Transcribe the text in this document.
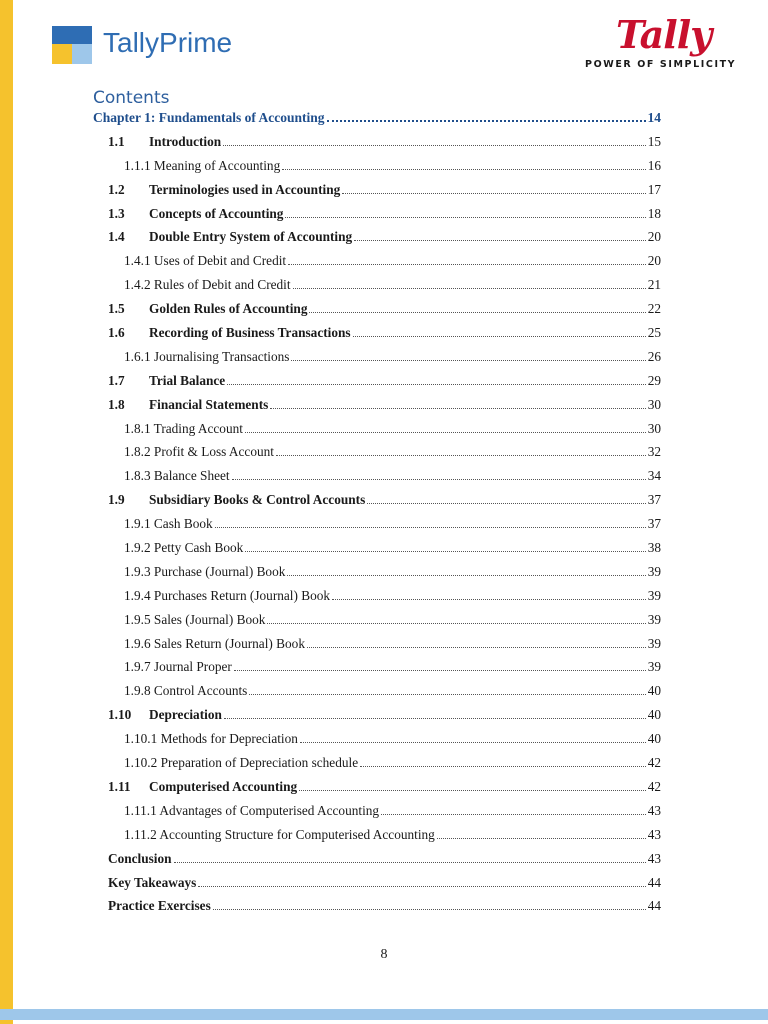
TallyPrime	Tally
POWER OF SIMPLICITY
Contents
Chapter 1: Fundamentals of Accounting	14
1.1	Introduction	15
1.1.1 Meaning of Accounting	16
1.2	Terminologies used in Accounting	17
1.3	Concepts of Accounting	18
1.4	Double Entry System of Accounting	20
1.4.1 Uses of Debit and Credit	20
1.4.2 Rules of Debit and Credit	21
1.5	Golden Rules of Accounting	22
1.6	Recording of Business Transactions	25
1.6.1 Journalising Transactions	26
1.7	Trial Balance	29
1.8	Financial Statements	30
1.8.1 Trading Account	30
1.8.2 Profit & Loss Account	32
1.8.3 Balance Sheet	34
1.9	Subsidiary Books & Control Accounts	37
1.9.1 Cash Book	37
1.9.2 Petty Cash Book	38
1.9.3 Purchase (Journal) Book	39
1.9.4 Purchases Return (Journal) Book	39
1.9.5 Sales (Journal) Book	39
1.9.6 Sales Return (Journal) Book	39
1.9.7 Journal Proper	39
1.9.8 Control Accounts	40
1.10	Depreciation	40
1.10.1 Methods for Depreciation	40
1.10.2 Preparation of Depreciation schedule	42
1.11	Computerised Accounting	42
1.11.1 Advantages of Computerised Accounting	43
1.11.2 Accounting Structure for Computerised Accounting	43
Conclusion	43
Key Takeaways	44
Practice Exercises	44
8
